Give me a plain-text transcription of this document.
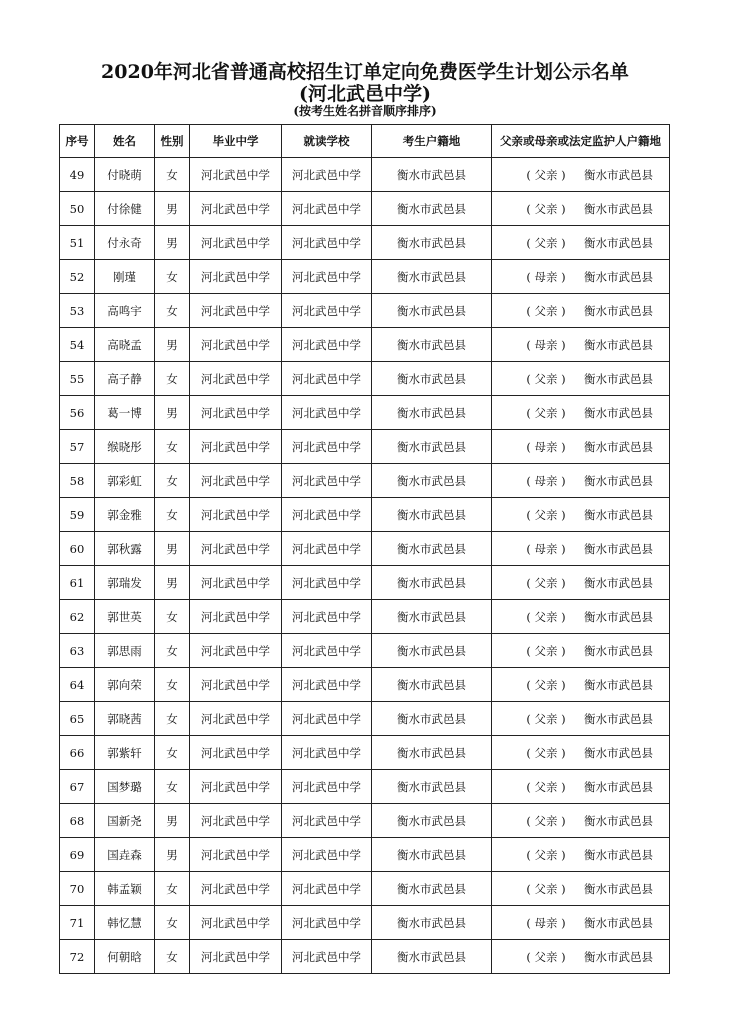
2020年河北省普通高校招生订单定向免费医学生计划公示名单
(河北武邑中学)
(按考生姓名拼音顺序排序)
序号	姓名	性别	毕业中学	就读学校	考生户籍地	父亲或母亲或法定监护人户籍地
49	付晓萌	女	河北武邑中学	河北武邑中学	衡水市武邑县	( 父亲 ) 衡水市武邑县
50	付徐健	男	河北武邑中学	河北武邑中学	衡水市武邑县	( 父亲 ) 衡水市武邑县
51	付永奇	男	河北武邑中学	河北武邑中学	衡水市武邑县	( 父亲 ) 衡水市武邑县
52	刚瑾	女	河北武邑中学	河北武邑中学	衡水市武邑县	( 母亲 ) 衡水市武邑县
53	高鸣宇	女	河北武邑中学	河北武邑中学	衡水市武邑县	( 父亲 ) 衡水市武邑县
54	高晓孟	男	河北武邑中学	河北武邑中学	衡水市武邑县	( 母亲 ) 衡水市武邑县
55	高子静	女	河北武邑中学	河北武邑中学	衡水市武邑县	( 父亲 ) 衡水市武邑县
56	葛一博	男	河北武邑中学	河北武邑中学	衡水市武邑县	( 父亲 ) 衡水市武邑县
57	缑晓彤	女	河北武邑中学	河北武邑中学	衡水市武邑县	( 母亲 ) 衡水市武邑县
58	郭彩虹	女	河北武邑中学	河北武邑中学	衡水市武邑县	( 母亲 ) 衡水市武邑县
59	郭金雅	女	河北武邑中学	河北武邑中学	衡水市武邑县	( 父亲 ) 衡水市武邑县
60	郭秋露	男	河北武邑中学	河北武邑中学	衡水市武邑县	( 母亲 ) 衡水市武邑县
61	郭瑞发	男	河北武邑中学	河北武邑中学	衡水市武邑县	( 父亲 ) 衡水市武邑县
62	郭世英	女	河北武邑中学	河北武邑中学	衡水市武邑县	( 父亲 ) 衡水市武邑县
63	郭思雨	女	河北武邑中学	河北武邑中学	衡水市武邑县	( 父亲 ) 衡水市武邑县
64	郭向荣	女	河北武邑中学	河北武邑中学	衡水市武邑县	( 父亲 ) 衡水市武邑县
65	郭晓茜	女	河北武邑中学	河北武邑中学	衡水市武邑县	( 父亲 ) 衡水市武邑县
66	郭紫轩	女	河北武邑中学	河北武邑中学	衡水市武邑县	( 父亲 ) 衡水市武邑县
67	国梦璐	女	河北武邑中学	河北武邑中学	衡水市武邑县	( 父亲 ) 衡水市武邑县
68	国新尧	男	河北武邑中学	河北武邑中学	衡水市武邑县	( 父亲 ) 衡水市武邑县
69	国垚森	男	河北武邑中学	河北武邑中学	衡水市武邑县	( 父亲 ) 衡水市武邑县
70	韩孟颖	女	河北武邑中学	河北武邑中学	衡水市武邑县	( 父亲 ) 衡水市武邑县
71	韩忆慧	女	河北武邑中学	河北武邑中学	衡水市武邑县	( 母亲 ) 衡水市武邑县
72	何朝晗	女	河北武邑中学	河北武邑中学	衡水市武邑县	( 父亲 ) 衡水市武邑县
